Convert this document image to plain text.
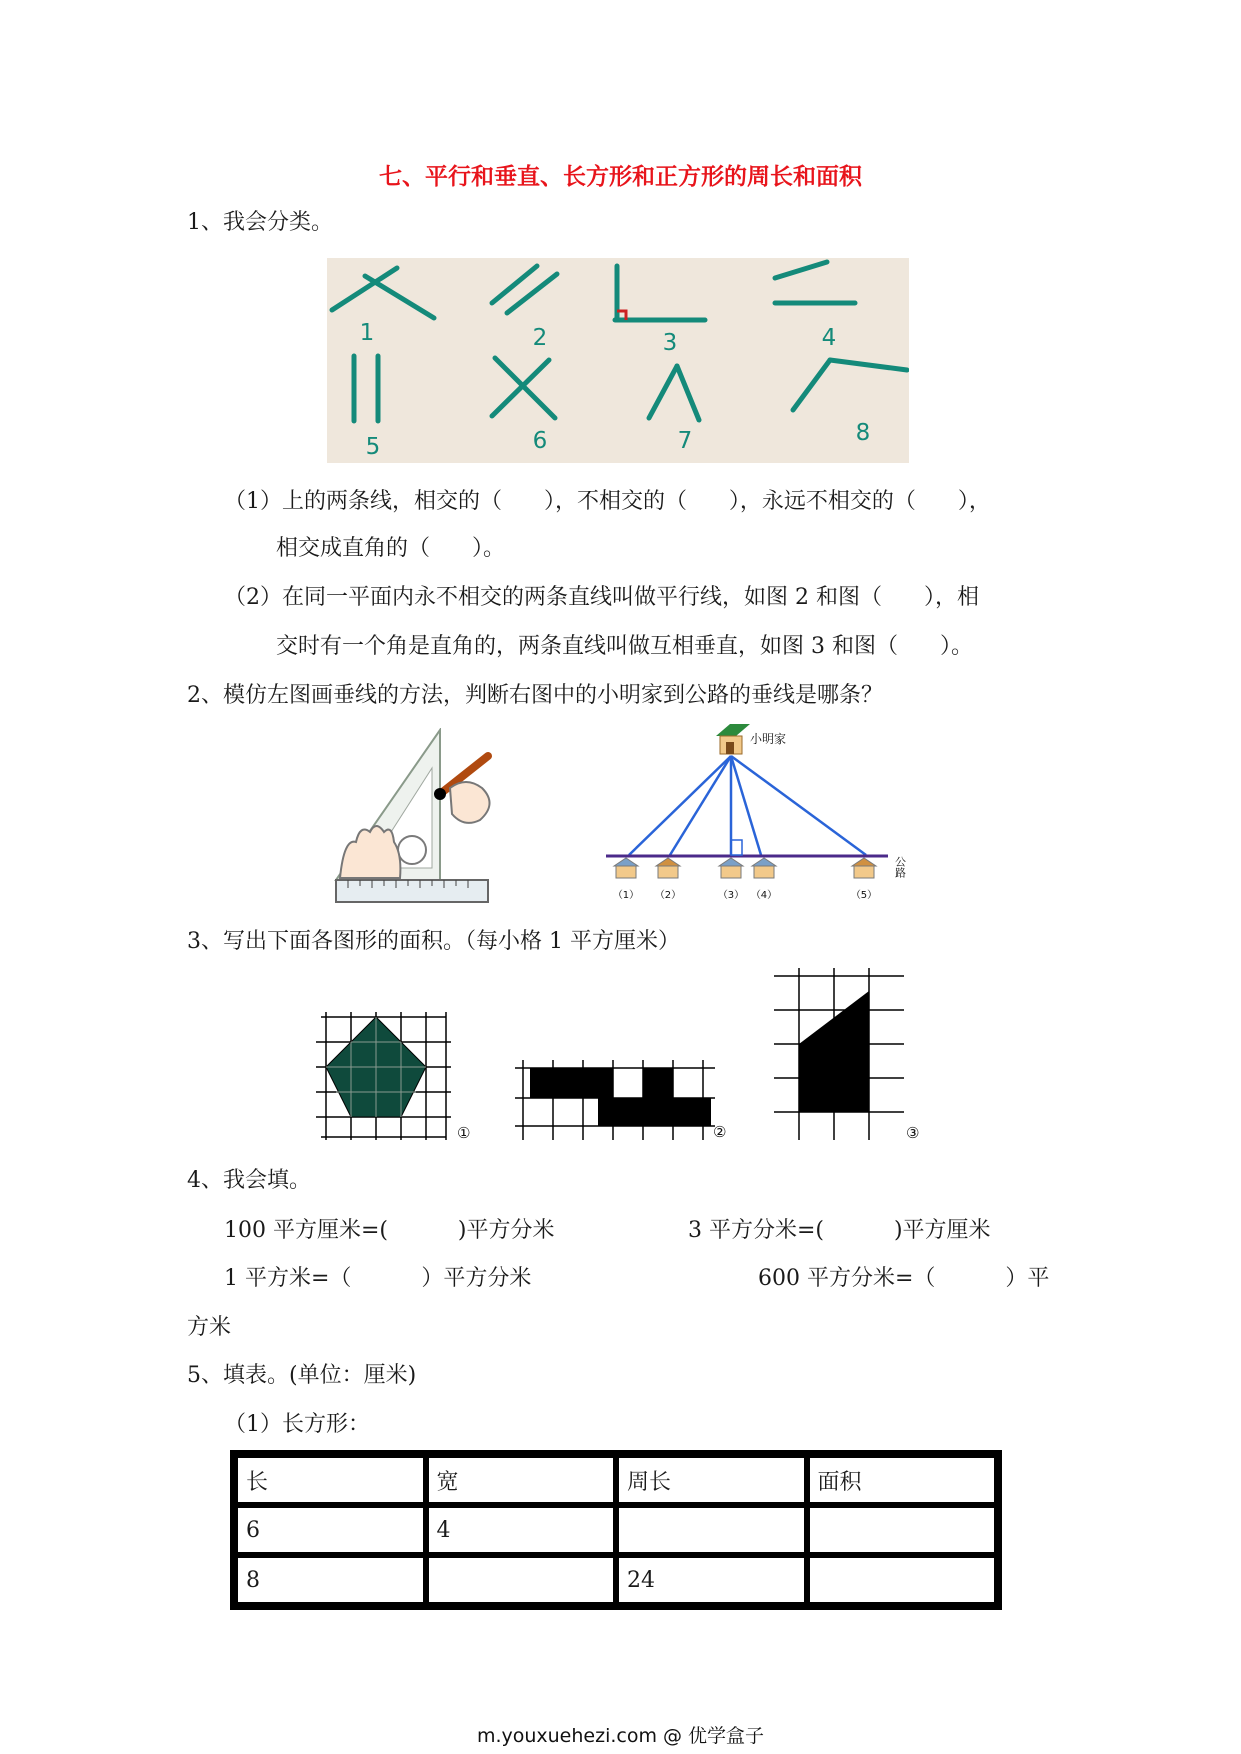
七、平行和垂直、长方形和正方形的周长和面积
1、我会分类。
1	2	3	4
5	6	7	8
（1）上的两条线，相交的（      ），不相交的（      ），永远不相交的（      ），
相交成直角的（      ）。
（2）在同一平面内永不相交的两条直线叫做平行线，如图 2 和图（      ），相
交时有一个角是直角的，两条直线叫做互相垂直，如图 3 和图（      ）。
2、模仿左图画垂线的方法，判断右图中的小明家到公路的垂线是哪条？
小明家
（1） （2）	（3） （4）	（5）
公路
3、写出下面各图形的面积。（每小格 1 平方厘米）
①	②	③
4、我会填。
100 平方厘米=(          )平方分米	3 平方分米=(          )平方厘米
1 平方米=（          ）平方分米	600 平方分米=（          ）平
方米
5、填表。(单位：厘米)
（1）长方形：
长	宽	周长	面积
6	4		
8		24	
m.youxuehezi.com @ 优学盒子
